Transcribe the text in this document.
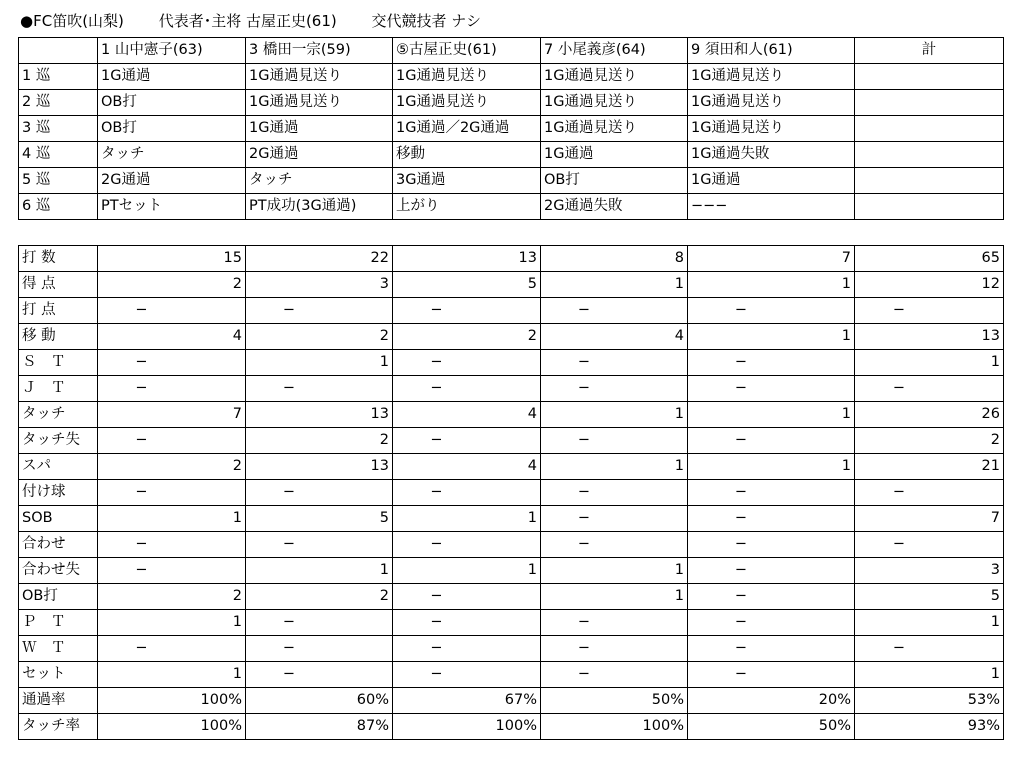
●FC笛吹(山梨) 代表者･主将 古屋正史(61) 交代競技者 ナシ
	1 山中憲子(63)	3 橋田一宗(59)	⑤古屋正史(61)	7 小尾義彦(64)	9 須田和人(61)	計
1 巡	1G通過	1G通過見送り	1G通過見送り	1G通過見送り	1G通過見送り	
2 巡	OB打	1G通過見送り	1G通過見送り	1G通過見送り	1G通過見送り	
3 巡	OB打	1G通過	1G通過／2G通過	1G通過見送り	1G通過見送り	
4 巡	タッチ	2G通過	移動	1G通過	1G通過失敗	
5 巡	2G通過	タッチ	3G通過	OB打	1G通過	
6 巡	PTセット	PT成功(3G通過)	上がり	2G通過失敗	−−−	
打 数	15	22	13	8	7	65
得 点	2	3	5	1	1	12
打 点	−	−	−	−	−	−
移 動	4	2	2	4	1	13
Ｓ　Ｔ	−	1	−	−	−	1
Ｊ　Ｔ	−	−	−	−	−	−
タッチ	7	13	4	1	1	26
タッチ失	−	2	−	−	−	2
スパ	2	13	4	1	1	21
付け球	−	−	−	−	−	−
SOB	1	5	1	−	−	7
合わせ	−	−	−	−	−	−
合わせ失	−	1	1	1	−	3
OB打	2	2	−	1	−	5
Ｐ　Ｔ	1	−	−	−	−	1
Ｗ　Ｔ	−	−	−	−	−	−
セット	1	−	−	−	−	1
通過率	100%	60%	67%	50%	20%	53%
タッチ率	100%	87%	100%	100%	50%	93%
